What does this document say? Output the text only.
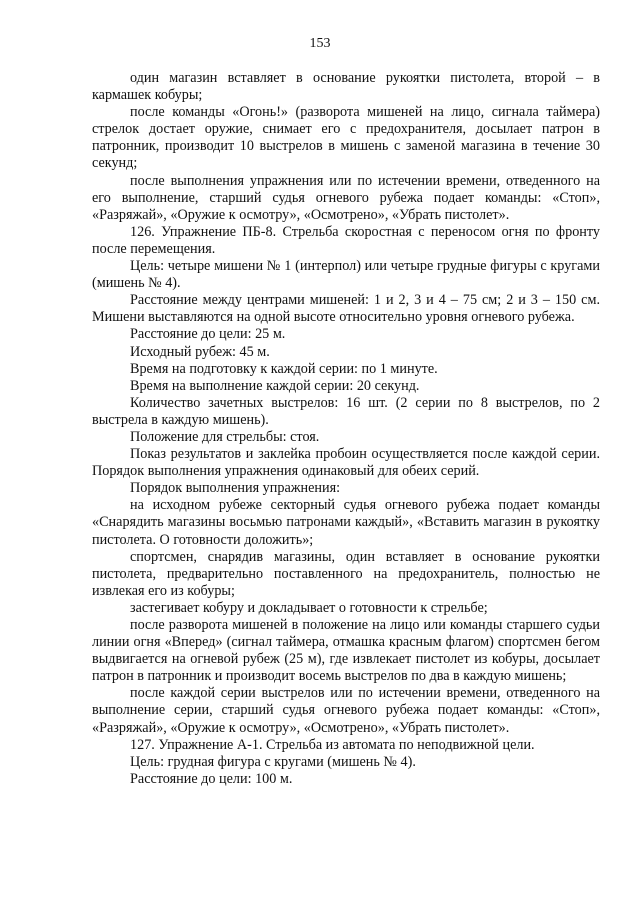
153

один магазин вставляет в основание рукоятки пистолета, второй – в кармашек кобуры;

после команды «Огонь!» (разворота мишеней на лицо, сигнала таймера) стрелок достает оружие, снимает его с предохранителя, досылает патрон в патронник, производит 10 выстрелов в мишень с заменой магазина в течение 30 секунд;

после выполнения упражнения или по истечении времени, отведенного на его выполнение, старший судья огневого рубежа подает команды: «Стоп», «Разряжай», «Оружие к осмотру», «Осмотрено», «Убрать пистолет».

126. Упражнение ПБ-8. Стрельба скоростная с переносом огня по фронту после перемещения.

Цель: четыре мишени № 1 (интерпол) или четыре грудные фигуры с кругами (мишень № 4).

Расстояние между центрами мишеней: 1 и 2, 3 и 4 – 75 см; 2 и 3 – 150 см. Мишени выставляются на одной высоте относительно уровня огневого рубежа.

Расстояние до цели: 25 м.

Исходный рубеж: 45 м.

Время на подготовку к каждой серии: по 1 минуте.

Время на выполнение каждой серии: 20 секунд.

Количество зачетных выстрелов: 16 шт. (2 серии по 8 выстрелов, по 2 выстрела в каждую мишень).

Положение для стрельбы: стоя.

Показ результатов и заклейка пробоин осуществляется после каждой серии. Порядок выполнения упражнения одинаковый для обеих серий.

Порядок выполнения упражнения:

на исходном рубеже секторный судья огневого рубежа подает команды «Снарядить магазины восьмью патронами каждый», «Вставить магазин в рукоятку пистолета. О готовности доложить»;

спортсмен, снарядив магазины, один вставляет в основание рукоятки пистолета, предварительно поставленного на предохранитель, полностью не извлекая его из кобуры;

застегивает кобуру и докладывает о готовности к стрельбе;

после разворота мишеней в положение на лицо или команды старшего судьи линии огня «Вперед» (сигнал таймера, отмашка красным флагом) спортсмен бегом выдвигается на огневой рубеж (25 м), где извлекает пистолет из кобуры, досылает патрон в патронник и производит восемь выстрелов по два в каждую мишень;

после каждой серии выстрелов или по истечении времени, отведенного на выполнение серии, старший судья огневого рубежа подает команды: «Стоп», «Разряжай», «Оружие к осмотру», «Осмотрено», «Убрать пистолет».

127. Упражнение А-1. Стрельба из автомата по неподвижной цели.

Цель: грудная фигура с кругами (мишень № 4).

Расстояние до цели: 100 м.
